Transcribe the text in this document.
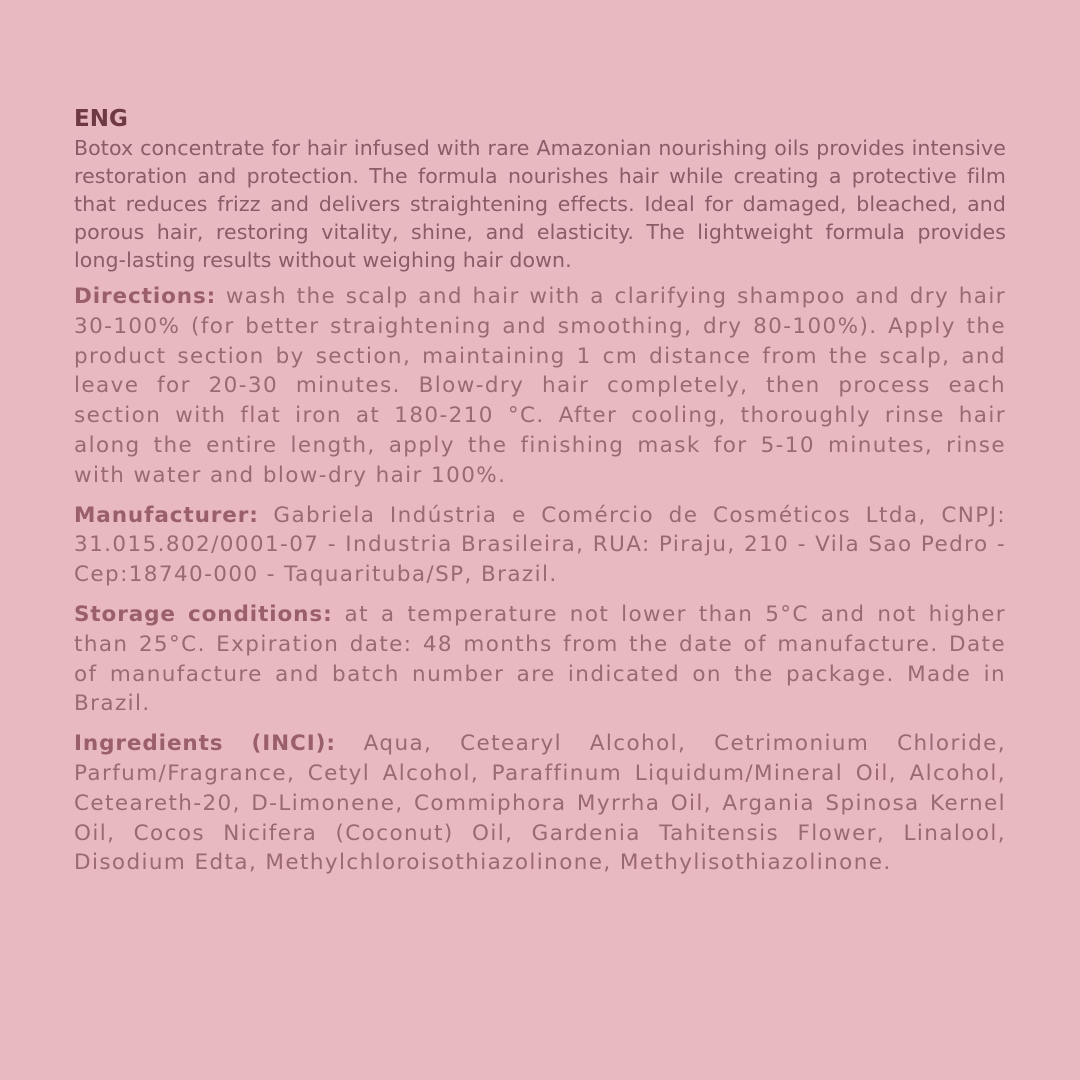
ENG

Botox concentrate for hair infused with rare Amazonian nourishing oils provides intensive restoration and protection. The formula nourishes hair while creating a protective film that reduces frizz and delivers straightening effects. Ideal for damaged, bleached, and porous hair, restoring vitality, shine, and elasticity. The lightweight formula provides long-lasting results without weighing hair down.

Directions: wash the scalp and hair with a clarifying shampoo and dry hair 30-100% (for better straightening and smoothing, dry 80-100%). Apply the product section by section, maintaining 1 cm distance from the scalp, and leave for 20-30 minutes. Blow-dry hair completely, then process each section with flat iron at 180-210 °C. After cooling, thoroughly rinse hair along the entire length, apply the finishing mask for 5-10 minutes, rinse with water and blow-dry hair 100%.

Manufacturer: Gabriela Indústria e Comércio de Cosméticos Ltda, CNPJ: 31.015.802/0001-07 - Industria Brasileira, RUA: Piraju, 210 - Vila Sao Pedro - Cep:18740-000 - Taquarituba/SP, Brazil.

Storage conditions: at a temperature not lower than 5°C and not higher than 25°C. Expiration date: 48 months from the date of manufacture. Date of manufacture and batch number are indicated on the package. Made in Brazil.

Ingredients (INCI): Aqua, Cetearyl Alcohol, Cetrimonium Chloride, Parfum/Fragrance, Cetyl Alcohol, Paraffinum Liquidum/Mineral Oil, Alcohol, Ceteareth-20, D-Limonene, Commiphora Myrrha Oil, Argania Spinosa Kernel Oil, Cocos Nicifera (Coconut) Oil, Gardenia Tahitensis Flower, Linalool, Disodium Edta, Methylchloroisothiazolinone, Methylisothiazolinone.
